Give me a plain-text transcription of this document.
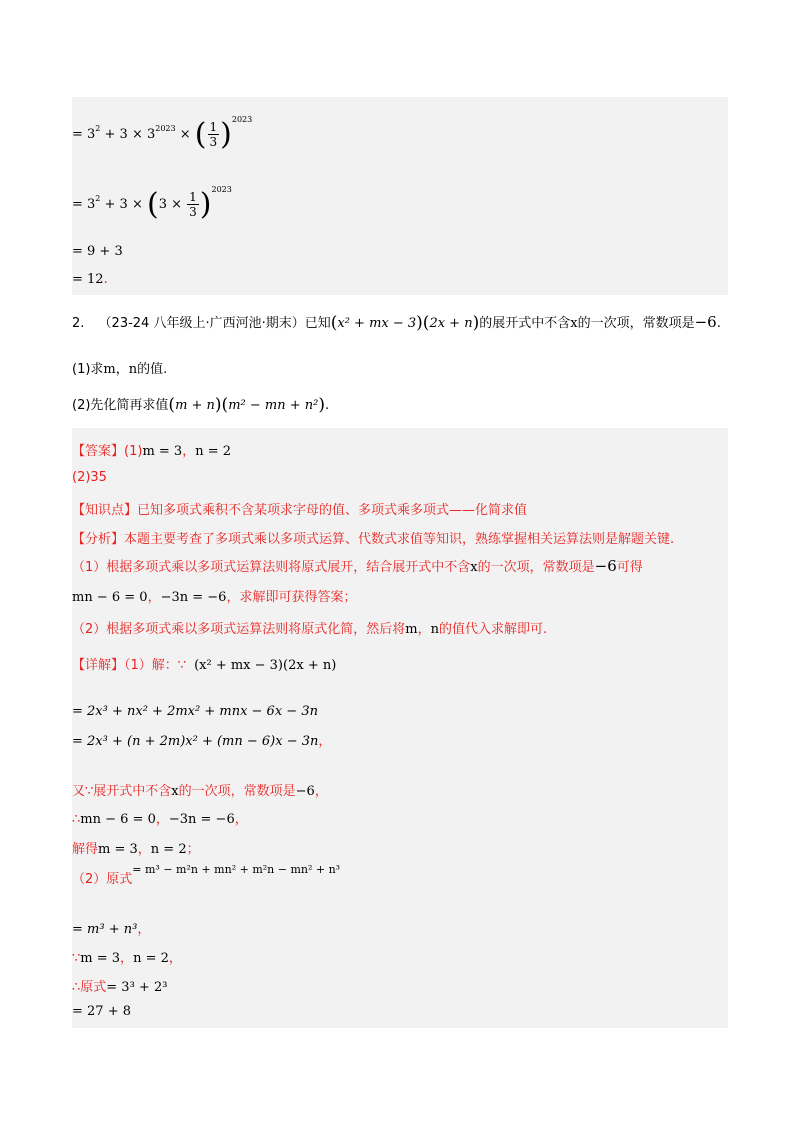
= $3^2 + 3 \times 3^{2023}$ × ( $\frac{1}{3} )^{2023}$
= $3^2 + 3 \times (3 \times \frac{1}{3} )^{2023}$
= 9 + 3
= 12.
2. （23-24 八年级上·广西河池·期末）已知(x² + mx − 3)(2x + n)的展开式中不含x的一次项，常数项是−6.
(1)求m，n的值.
(2)先化简再求值(m + n)(m² − mn + n²).
【答案】(1)m = 3，n = 2
(2)35
【知识点】已知多项式乘积不含某项求字母的值、多项式乘多项式——化简求值
【分析】本题主要考查了多项式乘以多项式运算、代数式求值等知识，熟练掌握相关运算法则是解题关键.
（1）根据多项式乘以多项式运算法则将原式展开，结合展开式中不含x的一次项，常数项是−6可得
mn − 6 = 0，−3n = −6，求解即可获得答案；
（2）根据多项式乘以多项式运算法则将原式化简，然后将m，n的值代入求解即可.
【详解】（1）解：∵ (x² + mx − 3)(2x + n)
= 2x³ + nx² + 2mx² + mnx − 6x − 3n
= 2x³ + (n + 2m)x² + (mn − 6)x − 3n，
又∵展开式中不含x的一次项，常数项是−6，
∴mn − 6 = 0，−3n = −6，
解得m = 3，n = 2；
（2）原式$^{= m^3 - m^2n + mn^2 + m^2n - mn^2 + n^3}$
= m³ + n³，
∵m = 3，n = 2，
∴原式= 3³ + 2³
= 27 + 8
